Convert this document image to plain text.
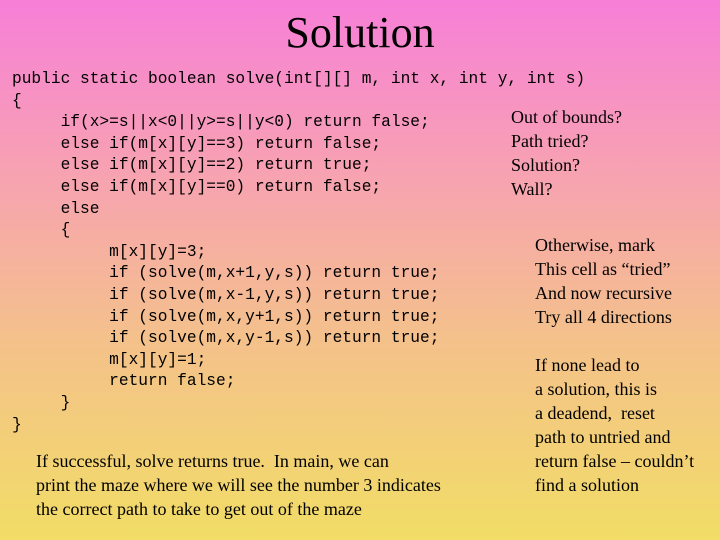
Solution
public static boolean solve(int[][] m, int x, int y, int s)
{
if(x>=s||x<0||y>=s||y<0) return false;
else if(m[x][y]==3) return false;
else if(m[x][y]==2) return true;
else if(m[x][y]==0) return false;
else
{
m[x][y]=3;
if (solve(m,x+1,y,s)) return true;
if (solve(m,x-1,y,s)) return true;
if (solve(m,x,y+1,s)) return true;
if (solve(m,x,y-1,s)) return true;
m[x][y]=1;
return false;
}
}
Out of bounds?
Path tried?
Solution?
Wall?
Otherwise, mark
This cell as “tried”
And now recursive
Try all 4 directions
If none lead to
a solution, this is
a deadend,  reset
path to untried and
return false – couldn’t
find a solution
If successful, solve returns true.  In main, we can
print the maze where we will see the number 3 indicates
the correct path to take to get out of the maze
